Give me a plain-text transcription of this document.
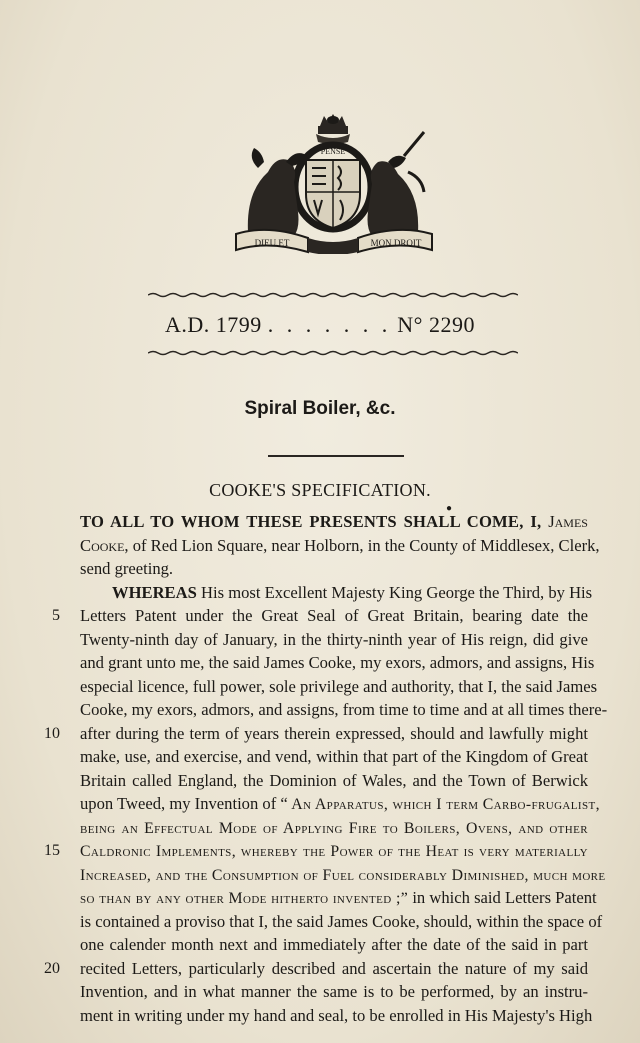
PENSE
DIEU ET	MON DROIT
A.D. 1799 . . . . . . . N° 2290
Spiral Boiler, &c.
COOKE'S SPECIFICATION.
●
TO ALL TO WHOM THESE PRESENTS SHALL COME, I, James
Cooke, of Red Lion Square, near Holborn, in the County of Middlesex, Clerk,
send greeting.
WHEREAS His most Excellent Majesty King George the Third, by His
5 Letters Patent under the Great Seal of Great Britain, bearing date the
Twenty-ninth day of January, in the thirty-ninth year of His reign, did give
and grant unto me, the said James Cooke, my exors, admors, and assigns, His
especial licence, full power, sole privilege and authority, that I, the said James
Cooke, my exors, admors, and assigns, from time to time and at all times there-
10 after during the term of years therein expressed, should and lawfully might
make, use, and exercise, and vend, within that part of the Kingdom of Great
Britain called England, the Dominion of Wales, and the Town of Berwick
upon Tweed, my Invention of “ An Apparatus, which I term Carbo-frugalist,
being an Effectual Mode of Applying Fire to Boilers, Ovens, and other
15 Caldronic Implements, whereby the Power of the Heat is very materially
Increased, and the Consumption of Fuel considerably Diminished, much more
so than by any other Mode hitherto invented ;” in which said Letters Patent
is contained a proviso that I, the said James Cooke, should, within the space of
one calender month next and immediately after the date of the said in part
20 recited Letters, particularly described and ascertain the nature of my said
Invention, and in what manner the same is to be performed, by an instru-
ment in writing under my hand and seal, to be enrolled in His Majesty's High
